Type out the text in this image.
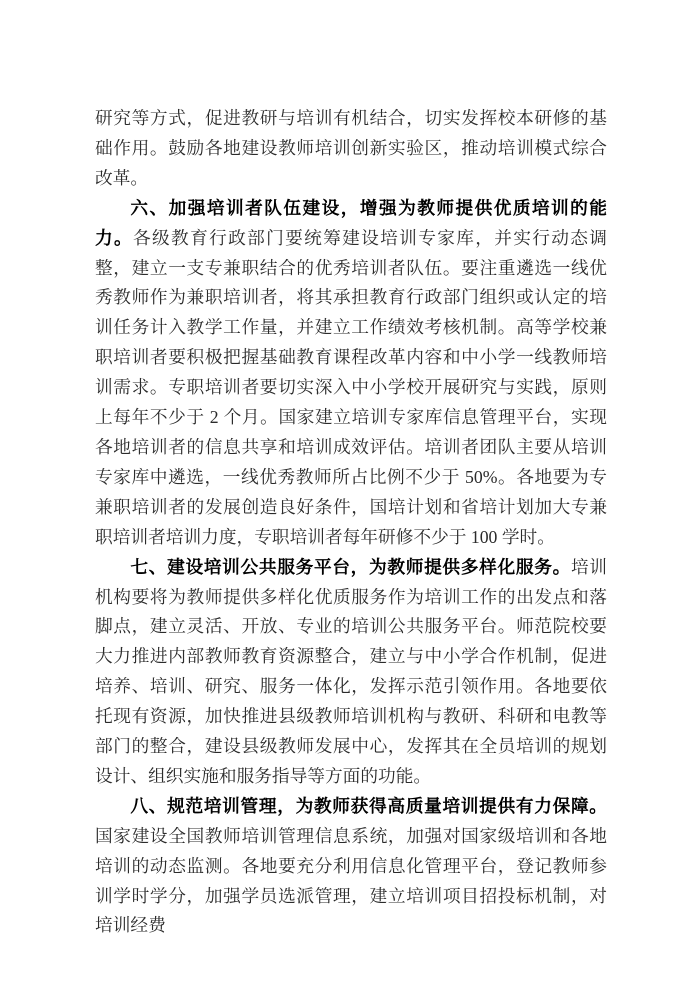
研究等方式，促进教研与培训有机结合，切实发挥校本研修的基础作用。鼓励各地建设教师培训创新实验区，推动培训模式综合改革。

六、加强培训者队伍建设，增强为教师提供优质培训的能力。各级教育行政部门要统筹建设培训专家库，并实行动态调整，建立一支专兼职结合的优秀培训者队伍。要注重遴选一线优秀教师作为兼职培训者，将其承担教育行政部门组织或认定的培训任务计入教学工作量，并建立工作绩效考核机制。高等学校兼职培训者要积极把握基础教育课程改革内容和中小学一线教师培训需求。专职培训者要切实深入中小学校开展研究与实践，原则上每年不少于 2 个月。国家建立培训专家库信息管理平台，实现各地培训者的信息共享和培训成效评估。培训者团队主要从培训专家库中遴选，一线优秀教师所占比例不少于 50%。各地要为专兼职培训者的发展创造良好条件，国培计划和省培计划加大专兼职培训者培训力度，专职培训者每年研修不少于 100 学时。

七、建设培训公共服务平台，为教师提供多样化服务。培训机构要将为教师提供多样化优质服务作为培训工作的出发点和落脚点，建立灵活、开放、专业的培训公共服务平台。师范院校要大力推进内部教师教育资源整合，建立与中小学合作机制，促进培养、培训、研究、服务一体化，发挥示范引领作用。各地要依托现有资源，加快推进县级教师培训机构与教研、科研和电教等部门的整合，建设县级教师发展中心，发挥其在全员培训的规划设计、组织实施和服务指导等方面的功能。

八、规范培训管理，为教师获得高质量培训提供有力保障。国家建设全国教师培训管理信息系统，加强对国家级培训和各地培训的动态监测。各地要充分利用信息化管理平台，登记教师参训学时学分，加强学员选派管理，建立培训项目招投标机制，对培训经费
